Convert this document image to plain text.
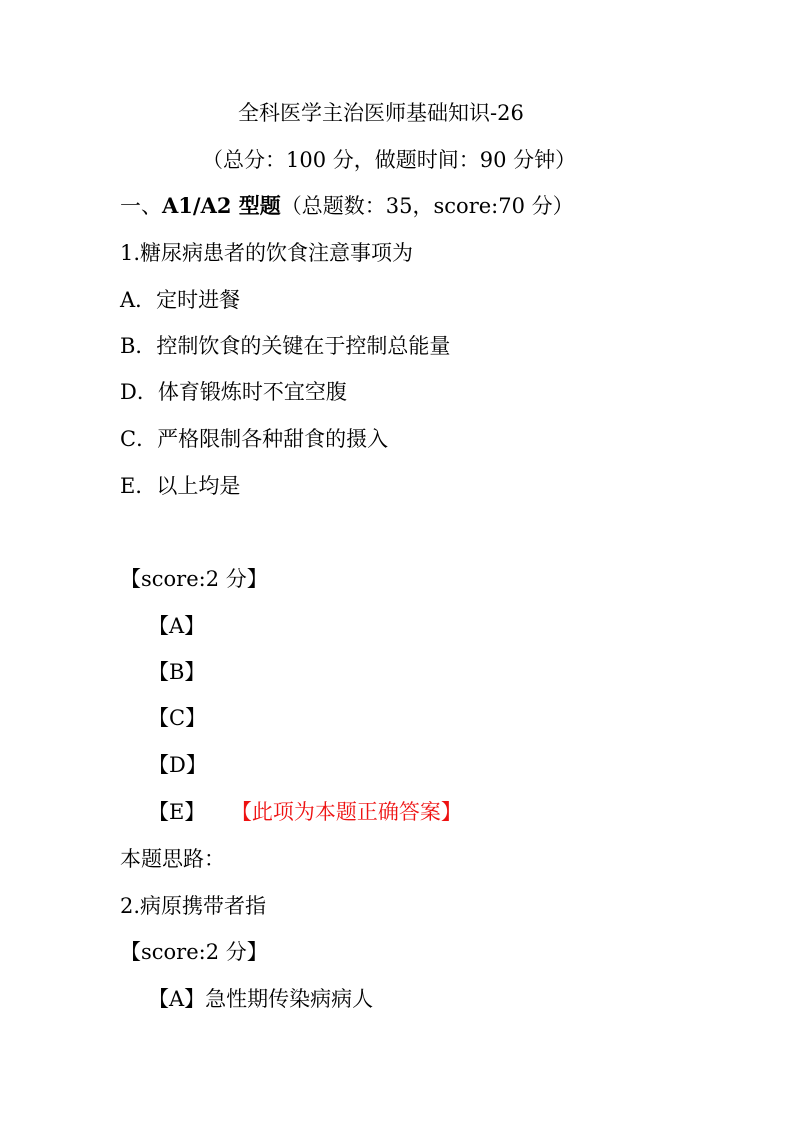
全科医学主治医师基础知识-26
（总分：100 分，做题时间：90 分钟）
一、A1/A2 型题（总题数：35，score:70 分）
1.糖尿病患者的饮食注意事项为
A．定时进餐
B．控制饮食的关键在于控制总能量
D．体育锻炼时不宜空腹
C．严格限制各种甜食的摄入
E．以上均是
【score:2 分】
【A】
【B】
【C】
【D】
【E】 【此项为本题正确答案】
本题思路：
2.病原携带者指
【score:2 分】
【A】急性期传染病病人
